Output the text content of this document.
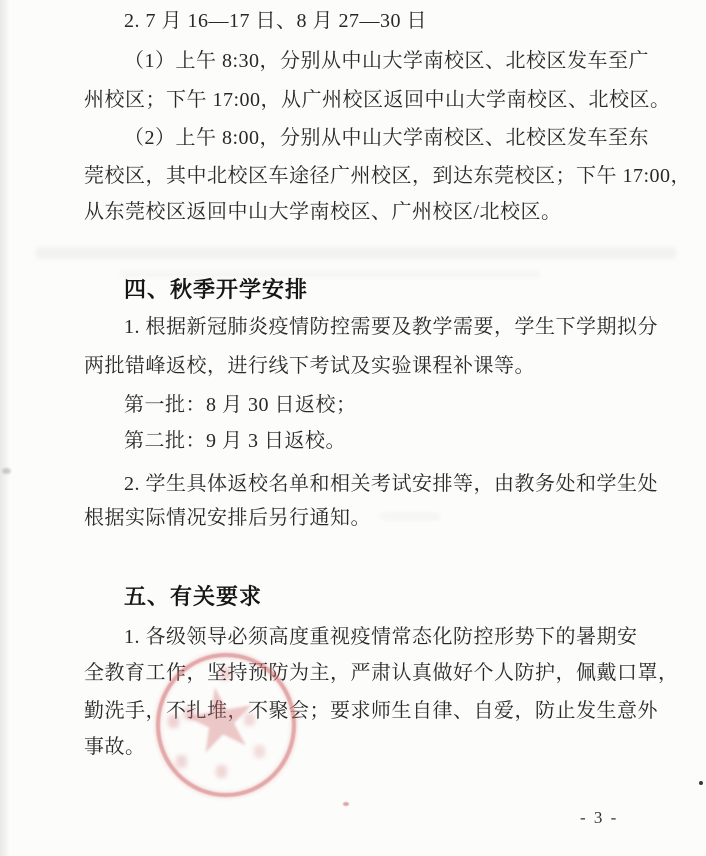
2. 7 月 16—17 日、8 月 27—30 日
（1）上午 8:30，分别从中山大学南校区、北校区发车至广
州校区；下午 17:00，从广州校区返回中山大学南校区、北校区。
（2）上午 8:00，分别从中山大学南校区、北校区发车至东
莞校区，其中北校区车途径广州校区，到达东莞校区；下午 17:00，
从东莞校区返回中山大学南校区、广州校区/北校区。
四、秋季开学安排
1. 根据新冠肺炎疫情防控需要及教学需要，学生下学期拟分
两批错峰返校，进行线下考试及实验课程补课等。
第一批：8 月 30 日返校；
第二批：9 月 3 日返校。
2. 学生具体返校名单和相关考试安排等，由教务处和学生处
根据实际情况安排后另行通知。
五、有关要求
1. 各级领导必须高度重视疫情常态化防控形势下的暑期安
全教育工作，坚持预防为主，严肃认真做好个人防护，佩戴口罩，
勤洗手，不扎堆，不聚会；要求师生自律、自爱，防止发生意外
事故。 ★
- 3 -
